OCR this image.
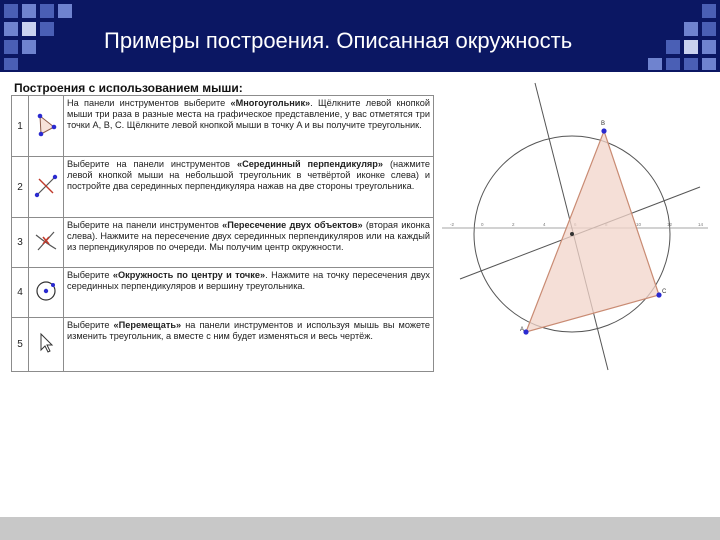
Примеры построения. Описанная окружность
Построения с использованием мыши:
1		На панели инструментов выберите «Многоугольник». Щёлкните левой кнопкой мыши три раза в разные места на графическое представление, у вас отметятся три точки A, B, C. Щёлкните левой кнопкой мыши в точку A и вы получите треугольник.
2		Выберите на панели инструментов «Серединный перпендикуляр» (нажмите левой кнопкой мыши на небольшой треугольник в четвёртой иконке слева) и постройте два серединных перпендикуляра нажав на две стороны треугольника.
3		Выберите на панели инструментов «Пересечение двух объектов» (вторая иконка слева). Нажмите на пересечение двух серединных перпендикуляров или на каждый из перпендикуляров по очереди. Мы получим центр окружности.
4		Выберите «Окружность по центру и точке». Нажмите на точку пересечения двух серединных перпендикуляров и вершину треугольника.
5		Выберите «Перемещать» на панели инструментов и используя мышь вы можете изменить треугольник, а вместе с ним будет изменяться и весь чертёж.
-2	0	2	4	10	12	14
B
C
A
